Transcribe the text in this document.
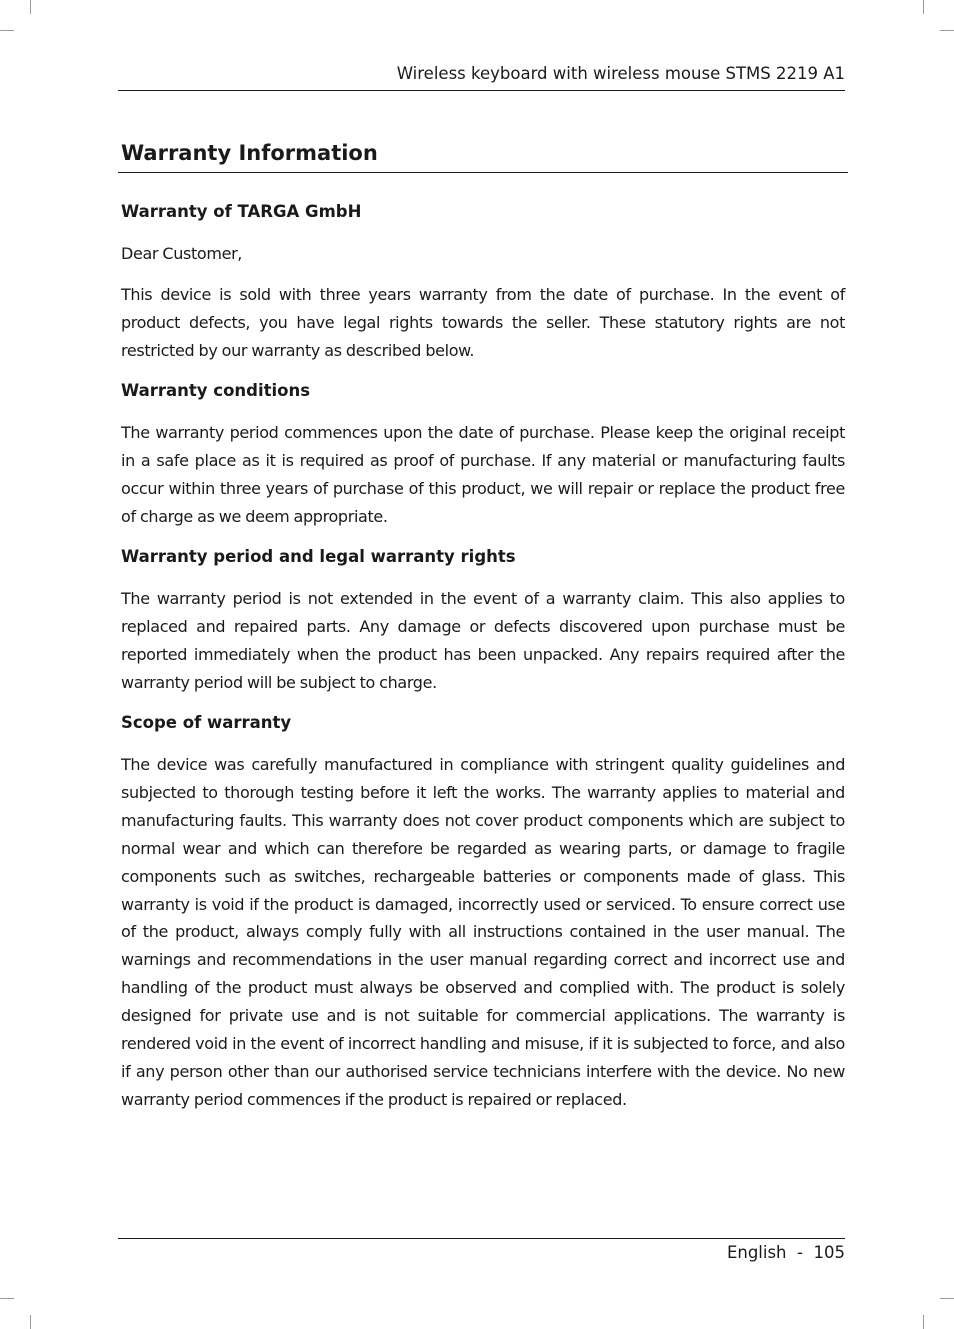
Wireless keyboard with wireless mouse STMS 2219 A1
Warranty Information
Warranty of TARGA GmbH

Dear Customer,

This device is sold with three years warranty from the date of purchase. In the event of product defects, you have legal rights towards the seller. These statutory rights are not restricted by our warranty as described below.

Warranty conditions

The warranty period commences upon the date of purchase. Please keep the original receipt in a safe place as it is required as proof of purchase. If any material or manufacturing faults occur within three years of purchase of this product, we will repair or replace the product free of charge as we deem appropriate.

Warranty period and legal warranty rights

The warranty period is not extended in the event of a warranty claim. This also applies to replaced and repaired parts. Any damage or defects discovered upon purchase must be reported immediately when the product has been unpacked. Any repairs required after the warranty period will be subject to charge.

Scope of warranty

The device was carefully manufactured in compliance with stringent quality guidelines and subjected to thorough testing before it left the works. The warranty applies to material and manufacturing faults. This warranty does not cover product components which are subject to normal wear and which can therefore be regarded as wearing parts, or damage to fragile components such as switches, rechargeable batteries or components made of glass. This warranty is void if the product is damaged, incorrectly used or serviced. To ensure correct use of the product, always comply fully with all instructions contained in the user manual. The warnings and recommendations in the user manual regarding correct and incorrect use and handling of the product must always be observed and complied with. The product is solely designed for private use and is not suitable for commercial applications. The warranty is rendered void in the event of incorrect handling and misuse, if it is subjected to force, and also if any person other than our authorised service technicians interfere with the device. No new warranty period commences if the product is repaired or replaced.

English - 105
